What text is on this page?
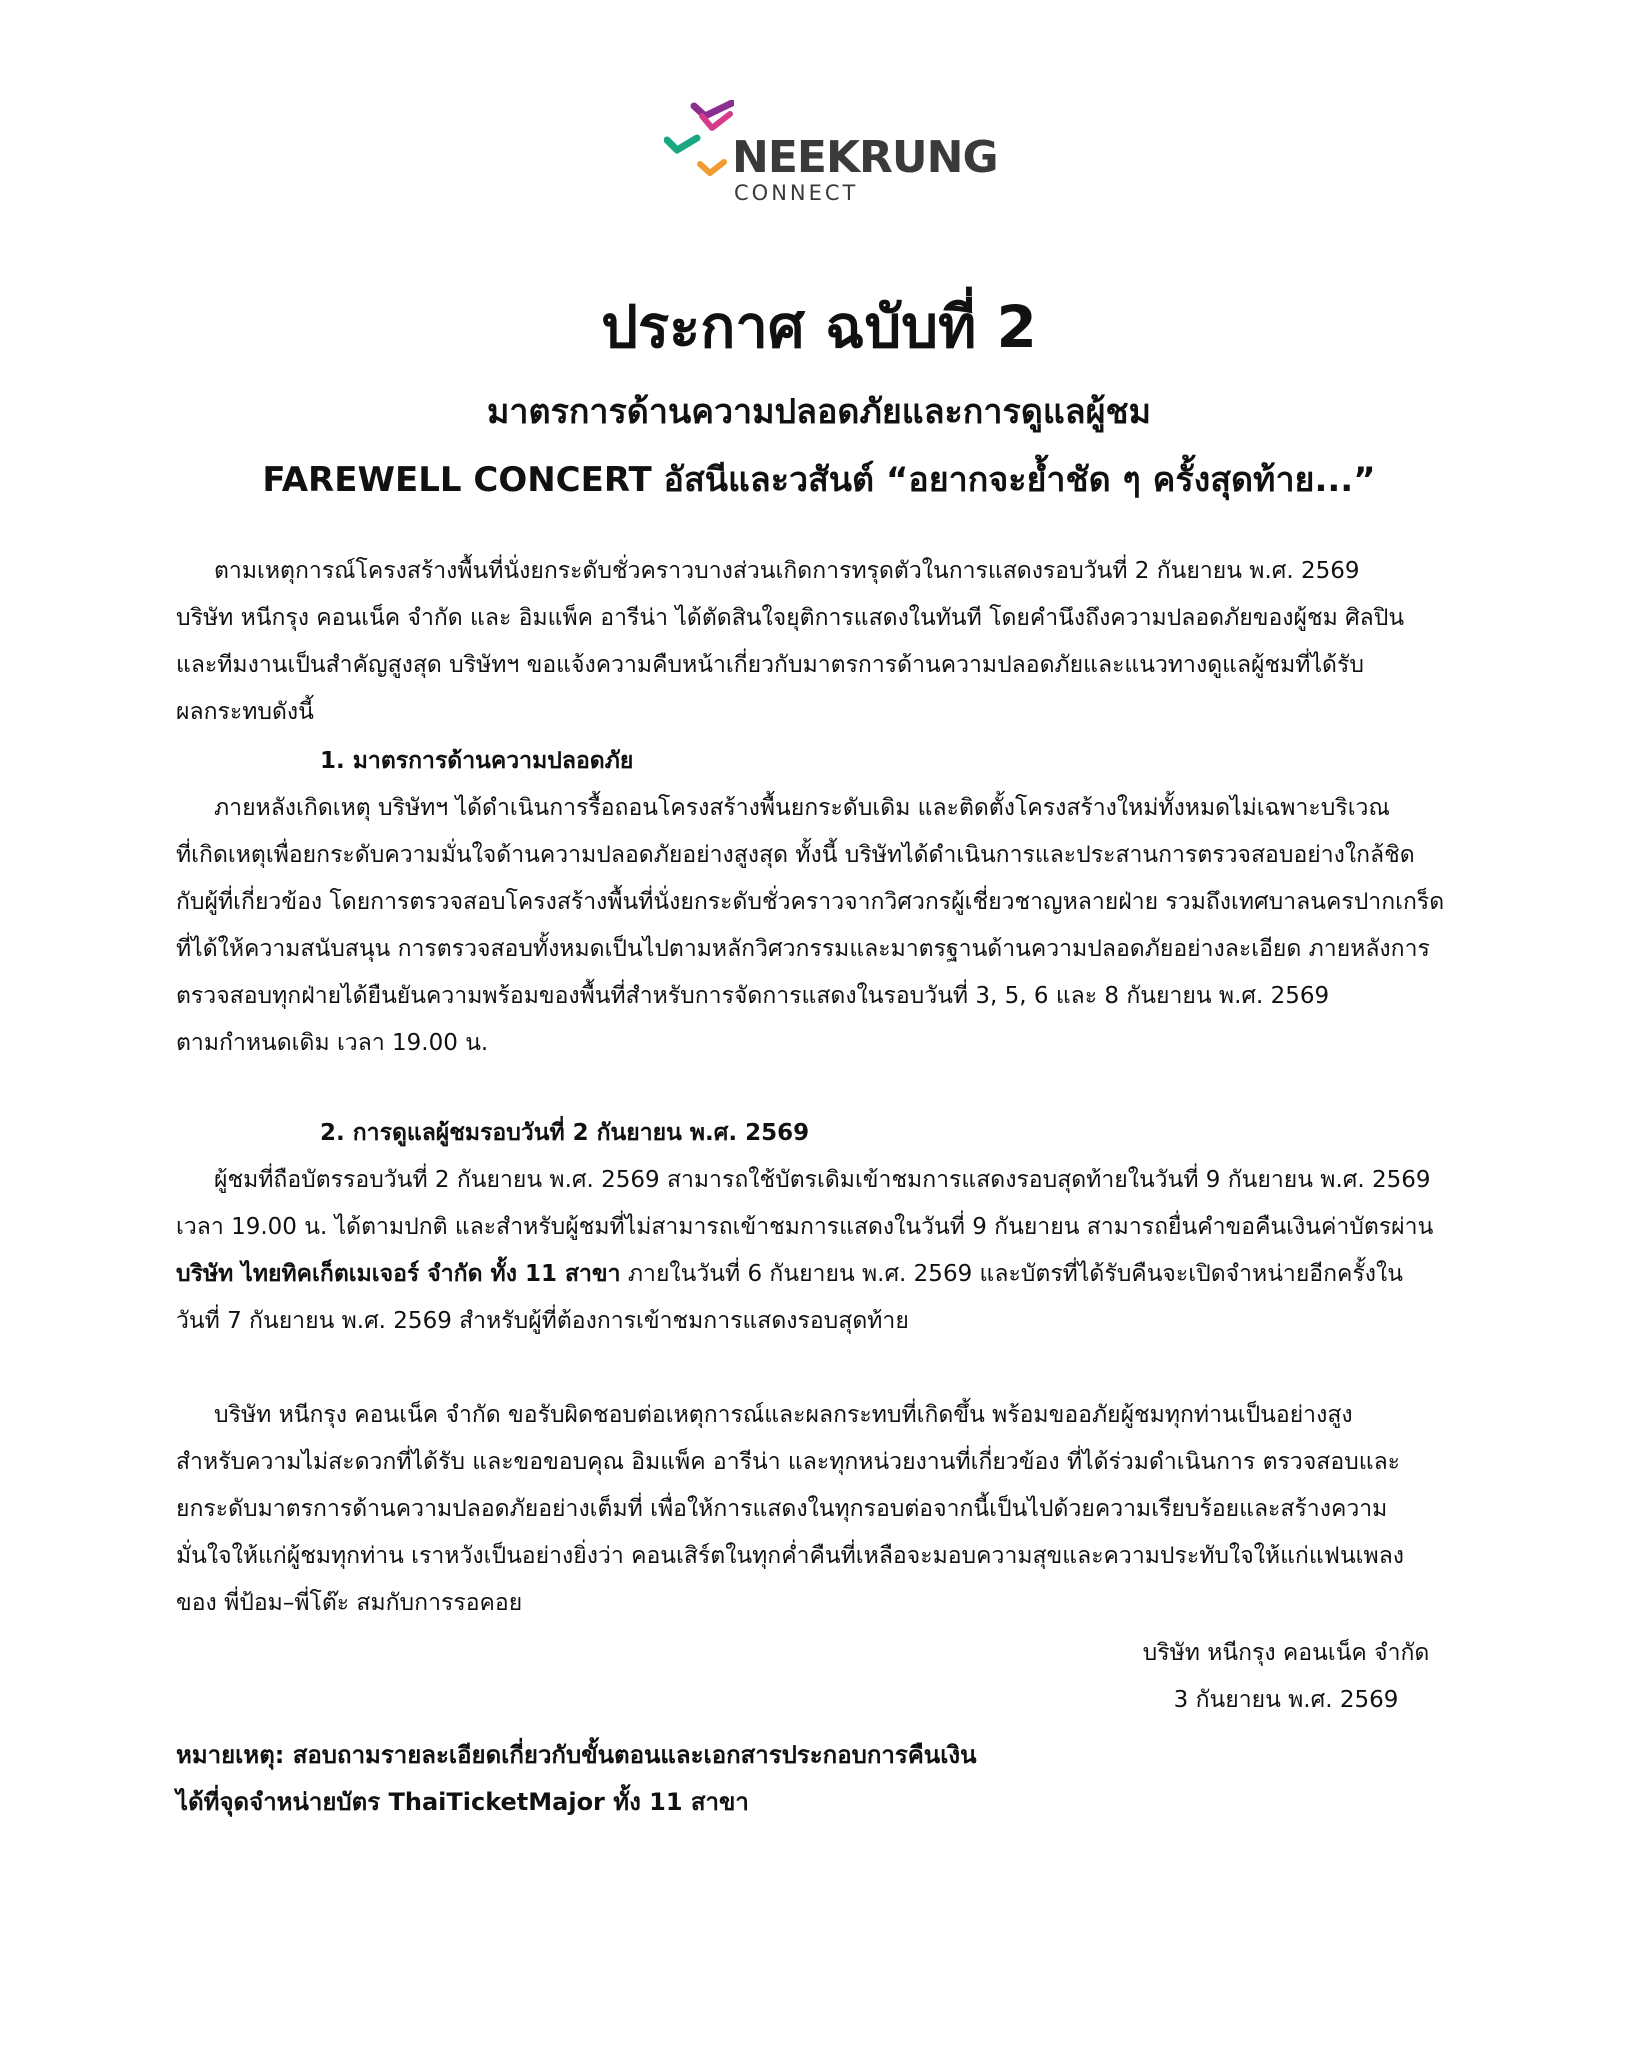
NEEKRUNG
CONNECT
ประกาศ ฉบับที่ 2
มาตรการด้านความปลอดภัยและการดูแลผู้ชม
FAREWELL CONCERT อัสนีและวสันต์ “อยากจะย้ำชัด ๆ ครั้งสุดท้าย...”

ตามเหตุการณ์โครงสร้างพื้นที่นั่งยกระดับชั่วคราวบางส่วนเกิดการทรุดตัวในการแสดงรอบวันที่ 2 กันยายน พ.ศ. 2569

บริษัท หนีกรุง คอนเน็ค จำกัด และ อิมแพ็ค อารีน่า ได้ตัดสินใจยุติการแสดงในทันที โดยคำนึงถึงความปลอดภัยของผู้ชม ศิลปิน

และทีมงานเป็นสำคัญสูงสุด บริษัทฯ ขอแจ้งความคืบหน้าเกี่ยวกับมาตรการด้านความปลอดภัยและแนวทางดูแลผู้ชมที่ได้รับ

ผลกระทบดังนี้

1. มาตรการด้านความปลอดภัย

ภายหลังเกิดเหตุ บริษัทฯ ได้ดำเนินการรื้อถอนโครงสร้างพื้นยกระดับเดิม และติดตั้งโครงสร้างใหม่ทั้งหมดไม่เฉพาะบริเวณ

ที่เกิดเหตุเพื่อยกระดับความมั่นใจด้านความปลอดภัยอย่างสูงสุด ทั้งนี้ บริษัทได้ดำเนินการและประสานการตรวจสอบอย่างใกล้ชิด

กับผู้ที่เกี่ยวข้อง โดยการตรวจสอบโครงสร้างพื้นที่นั่งยกระดับชั่วคราวจากวิศวกรผู้เชี่ยวชาญหลายฝ่าย รวมถึงเทศบาลนครปากเกร็ด

ที่ได้ให้ความสนับสนุน การตรวจสอบทั้งหมดเป็นไปตามหลักวิศวกรรมและมาตรฐานด้านความปลอดภัยอย่างละเอียด ภายหลังการ

ตรวจสอบทุกฝ่ายได้ยืนยันความพร้อมของพื้นที่สำหรับการจัดการแสดงในรอบวันที่ 3, 5, 6 และ 8 กันยายน พ.ศ. 2569

ตามกำหนดเดิม เวลา 19.00 น.

2. การดูแลผู้ชมรอบวันที่ 2 กันยายน พ.ศ. 2569

ผู้ชมที่ถือบัตรรอบวันที่ 2 กันยายน พ.ศ. 2569 สามารถใช้บัตรเดิมเข้าชมการแสดงรอบสุดท้ายในวันที่ 9 กันยายน พ.ศ. 2569

เวลา 19.00 น. ได้ตามปกติ และสำหรับผู้ชมที่ไม่สามารถเข้าชมการแสดงในวันที่ 9 กันยายน สามารถยื่นคำขอคืนเงินค่าบัตรผ่าน

บริษัท ไทยทิคเก็ตเมเจอร์ จำกัด ทั้ง 11 สาขา ภายในวันที่ 6 กันยายน พ.ศ. 2569 และบัตรที่ได้รับคืนจะเปิดจำหน่ายอีกครั้งใน

วันที่ 7 กันยายน พ.ศ. 2569 สำหรับผู้ที่ต้องการเข้าชมการแสดงรอบสุดท้าย

บริษัท หนีกรุง คอนเน็ค จำกัด ขอรับผิดชอบต่อเหตุการณ์และผลกระทบที่เกิดขึ้น พร้อมขออภัยผู้ชมทุกท่านเป็นอย่างสูง

สำหรับความไม่สะดวกที่ได้รับ และขอขอบคุณ อิมแพ็ค อารีน่า และทุกหน่วยงานที่เกี่ยวข้อง ที่ได้ร่วมดำเนินการ ตรวจสอบและ

ยกระดับมาตรการด้านความปลอดภัยอย่างเต็มที่ เพื่อให้การแสดงในทุกรอบต่อจากนี้เป็นไปด้วยความเรียบร้อยและสร้างความ

มั่นใจให้แก่ผู้ชมทุกท่าน เราหวังเป็นอย่างยิ่งว่า คอนเสิร์ตในทุกค่ำคืนที่เหลือจะมอบความสุขและความประทับใจให้แก่แฟนเพลง

ของ พี่ป้อม–พี่โต๊ะ สมกับการรอคอย

บริษัท หนีกรุง คอนเน็ค จำกัด

3 กันยายน พ.ศ. 2569

หมายเหตุ: สอบถามรายละเอียดเกี่ยวกับขั้นตอนและเอกสารประกอบการคืนเงิน

ได้ที่จุดจำหน่ายบัตร ThaiTicketMajor ทั้ง 11 สาขา
